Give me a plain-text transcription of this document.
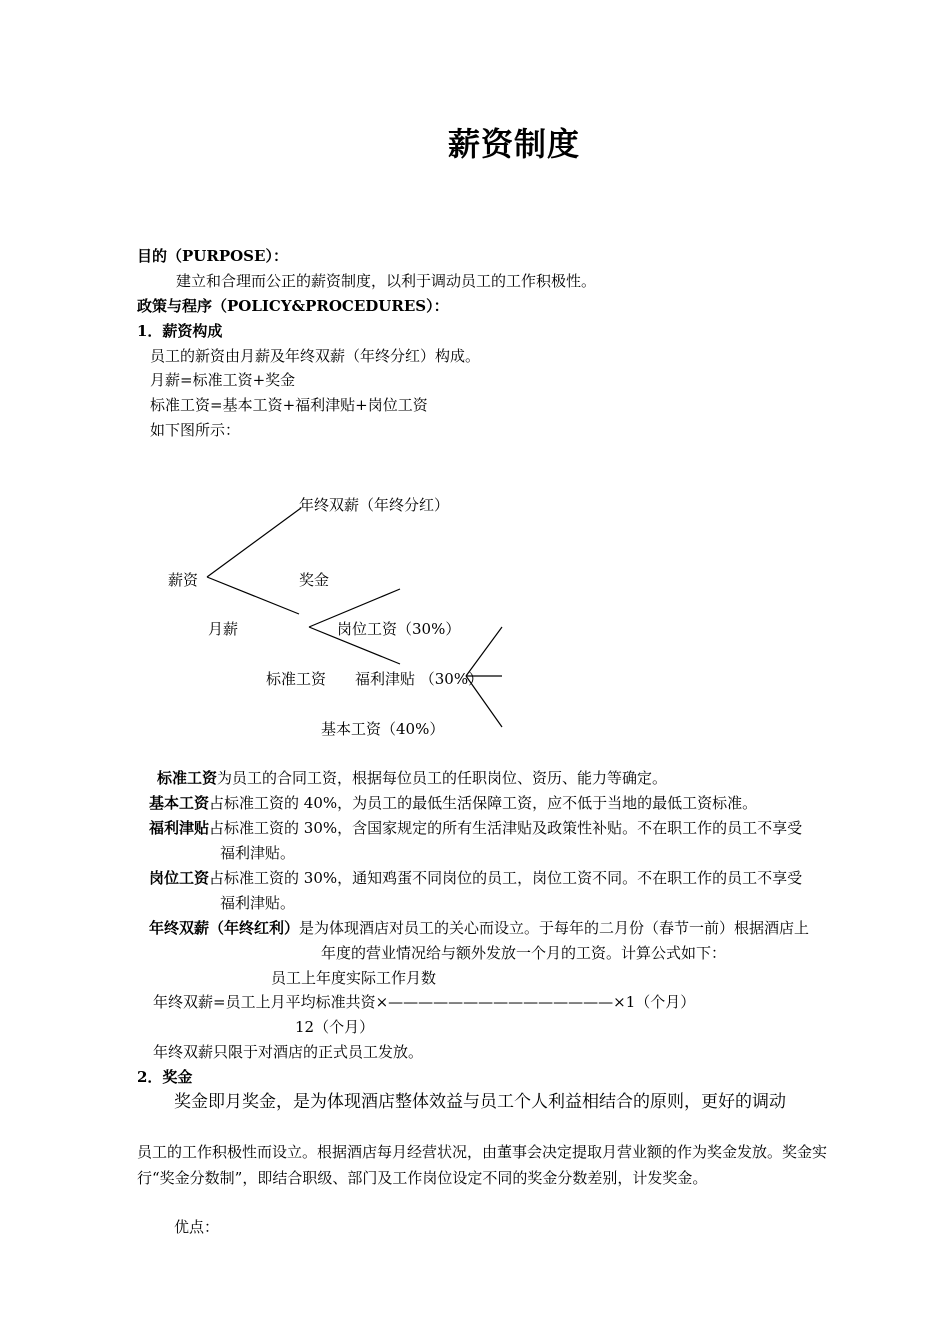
薪资制度
目的（PURPOSE）：
建立和合理而公正的薪资制度，以利于调动员工的工作积极性。
政策与程序（POLICY&PROCEDURES）：
1．薪资构成
员工的新资由月薪及年终双薪（年终分红）构成。
月薪=标准工资+奖金
标准工资=基本工资+福利津贴+岗位工资
如下图所示：
年终双薪（年终分红）
薪资	奖金
月薪	岗位工资（30%）
标准工资 福利津贴 （30%）
基本工资（40%）
标准工资为员工的合同工资，根据每位员工的任职岗位、资历、能力等确定。
基本工资占标准工资的 40%，为员工的最低生活保障工资，应不低于当地的最低工资标准。
福利津贴占标准工资的 30%，含国家规定的所有生活津贴及政策性补贴。不在职工作的员工不享受
福利津贴。
岗位工资占标准工资的 30%，通知鸡蛋不同岗位的员工，岗位工资不同。不在职工作的员工不享受
福利津贴。
年终双薪（年终红利）是为体现酒店对员工的关心而设立。于每年的二月份（春节一前）根据酒店上
年度的营业情况给与额外发放一个月的工资。计算公式如下：
员工上年度实际工作月数
年终双薪=员工上月平均标准共资×———————————————×1（个月）
12（个月）
年终双薪只限于对酒店的正式员工发放。
2．奖金
奖金即月奖金，是为体现酒店整体效益与员工个人利益相结合的原则，更好的调动
员工的工作积极性而设立。根据酒店每月经营状况，由董事会决定提取月营业额的作为奖金发放。奖金实行“奖金分数制”，即结合职级、部门及工作岗位设定不同的奖金分数差别，计发奖金。
优点：
